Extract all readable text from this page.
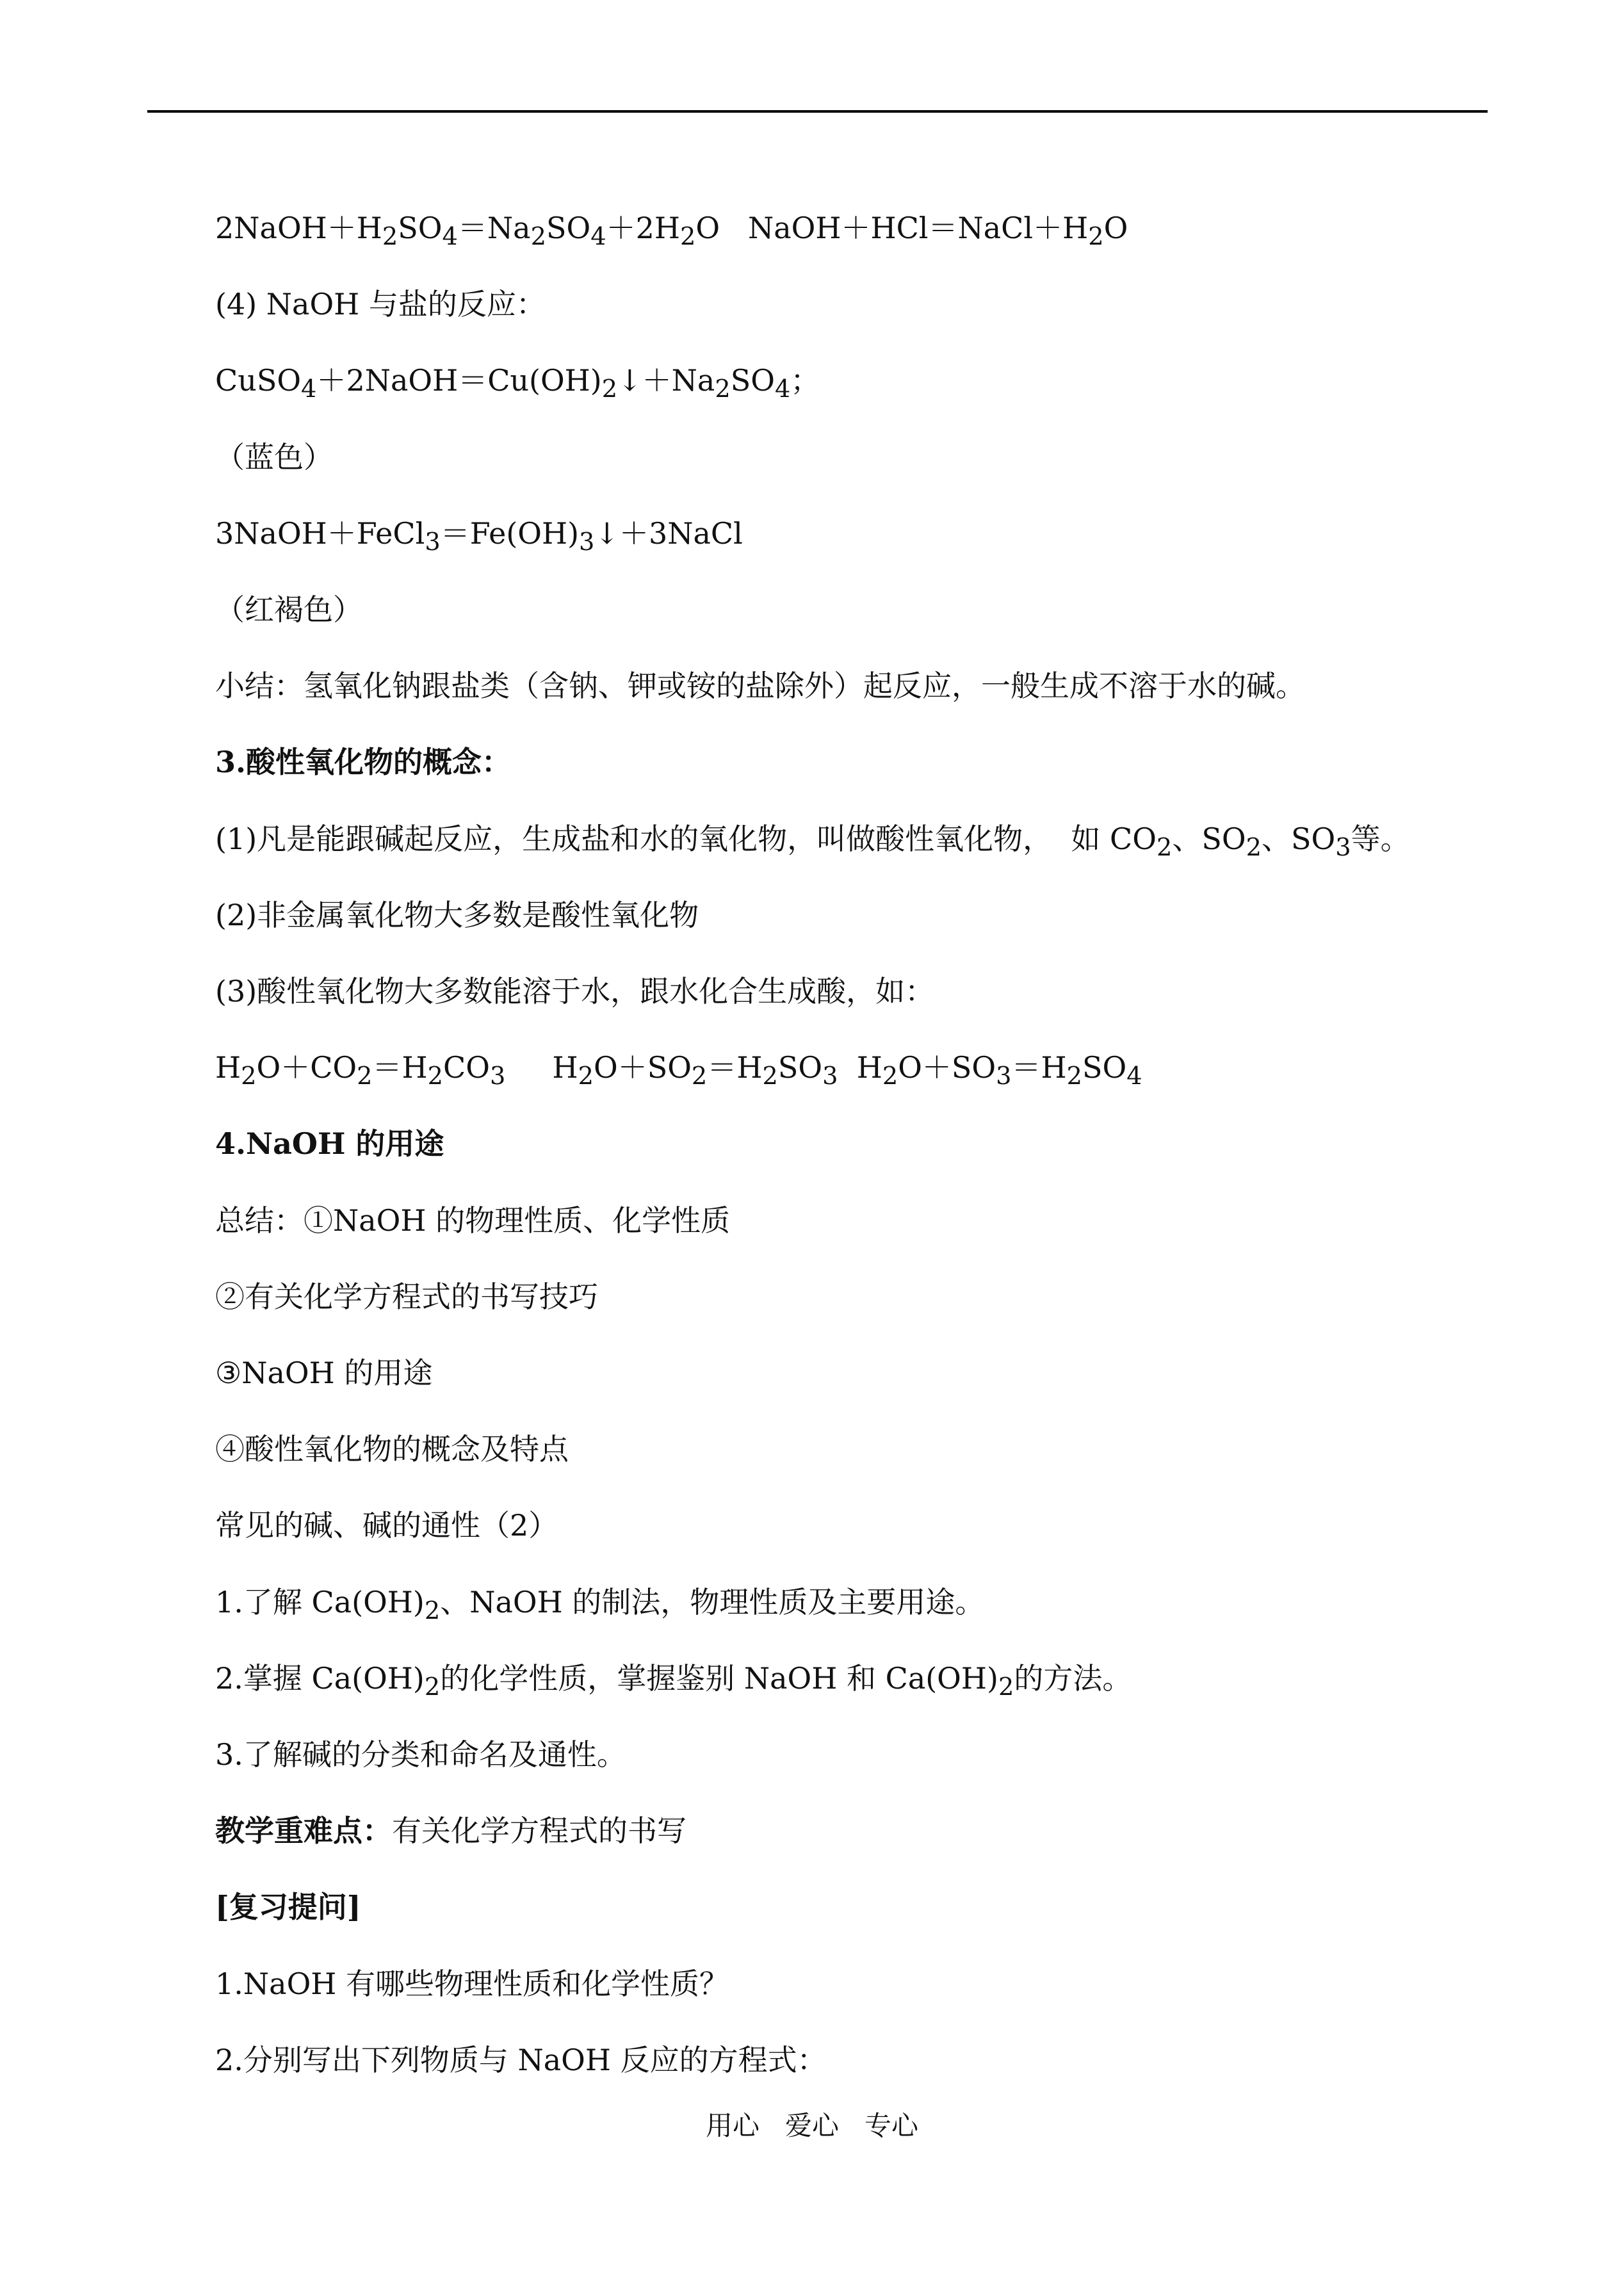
$2NaOH+H_2SO_4=Na_2SO_4+2H_2O$   $NaOH+HCl=NaCl+H_2O$
(4) NaOH 与盐的反应：
$CuSO_4+2NaOH=Cu(OH)_2↓+Na_2SO_4$；
（蓝色）
$3NaOH+FeCl_3=Fe(OH)_3↓+3NaCl$
（红褐色）
小结：氢氧化钠跟盐类（含钠、钾或铵的盐除外）起反应，一般生成不溶于水的碱。
3.酸性氧化物的概念：
(1)凡是能跟碱起反应，生成盐和水的氧化物，叫做酸性氧化物，  如 $CO_2$、$SO_2$、$SO_3$等。
(2)非金属氧化物大多数是酸性氧化物
(3)酸性氧化物大多数能溶于水，跟水化合生成酸，如：
$H_2O+CO_2=H_2CO_3$     $H_2O+SO_2=H_2SO_3$  $H_2O+SO_3=H_2SO_4$
4.NaOH 的用途
总结：①NaOH 的物理性质、化学性质
②有关化学方程式的书写技巧
③NaOH 的用途
④酸性氧化物的概念及特点
常见的碱、碱的通性（2）
1.了解 $Ca(OH)_2$、NaOH 的制法，物理性质及主要用途。
2.掌握 $Ca(OH)_2$的化学性质，掌握鉴别 NaOH 和 $Ca(OH)_2$的方法。
3.了解碱的分类和命名及通性。
教学重难点：有关化学方程式的书写
[复习提问]
1.NaOH 有哪些物理性质和化学性质？
2.分别写出下列物质与 NaOH 反应的方程式：
用心   爱心   专心
